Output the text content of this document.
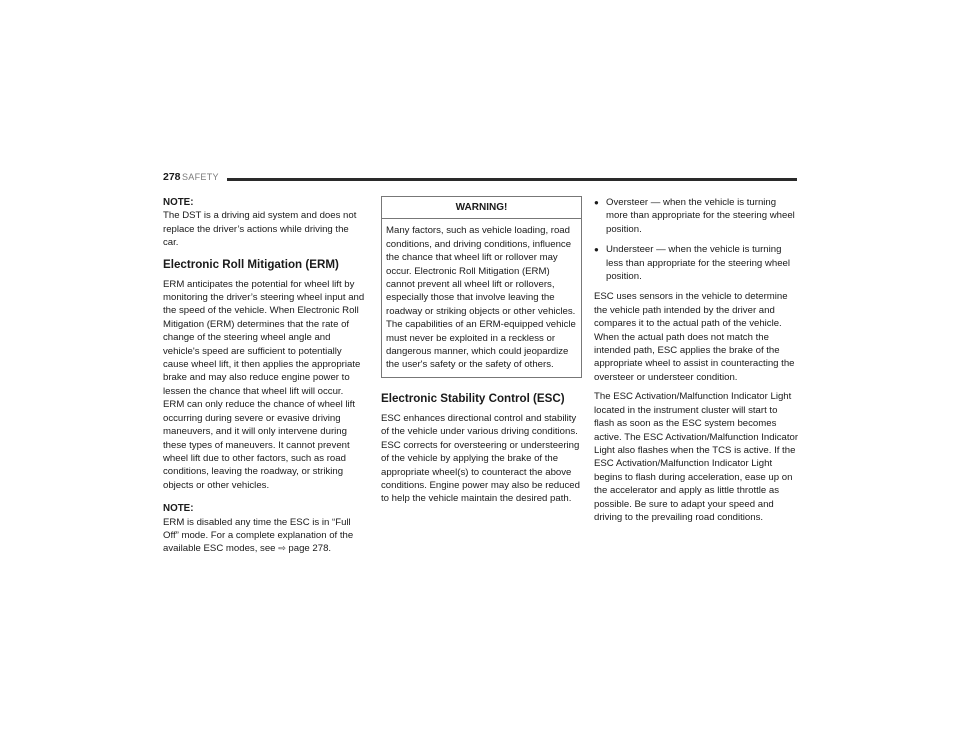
278 SAFETY

NOTE:

The DST is a driving aid system and does not replace the driver’s actions while driving the car.

Electronic Roll Mitigation (ERM)

ERM anticipates the potential for wheel lift by monitoring the driver’s steering wheel input and the speed of the vehicle. When Electronic Roll Mitigation (ERM) determines that the rate of change of the steering wheel angle and vehicle's speed are sufficient to potentially cause wheel lift, it then applies the appropriate brake and may also reduce engine power to lessen the chance that wheel lift will occur. ERM can only reduce the chance of wheel lift occurring during severe or evasive driving maneuvers, and it will only intervene during these types of maneuvers. It cannot prevent wheel lift due to other factors, such as road conditions, leaving the roadway, or striking objects or other vehicles.

NOTE:

ERM is disabled any time the ESC is in “Full Off” mode. For a complete explanation of the available ESC modes, see ⇨ page 278.

WARNING!
Many factors, such as vehicle loading, road conditions, and driving conditions, influence the chance that wheel lift or rollover may occur. Electronic Roll Mitigation (ERM) cannot prevent all wheel lift or rollovers, especially those that involve leaving the roadway or striking objects or other vehicles. The capabilities of an ERM-equipped vehicle must never be exploited in a reckless or dangerous manner, which could jeopardize the user's safety or the safety of others.
Electronic Stability Control (ESC)

ESC enhances directional control and stability of the vehicle under various driving conditions. ESC corrects for oversteering or understeering of the vehicle by applying the brake of the appropriate wheel(s) to counteract the above conditions. Engine power may also be reduced to help the vehicle maintain the desired path.

● Oversteer — when the vehicle is turning more than appropriate for the steering wheel position.
● Understeer — when the vehicle is turning less than appropriate for the steering wheel position.

ESC uses sensors in the vehicle to determine the vehicle path intended by the driver and compares it to the actual path of the vehicle. When the actual path does not match the intended path, ESC applies the brake of the appropriate wheel to assist in counteracting the oversteer or understeer condition.

The ESC Activation/Malfunction Indicator Light located in the instrument cluster will start to flash as soon as the ESC system becomes active. The ESC Activation/Malfunction Indicator Light also flashes when the TCS is active. If the ESC Activation/Malfunction Indicator Light begins to flash during acceleration, ease up on the accelerator and apply as little throttle as possible. Be sure to adapt your speed and driving to the prevailing road conditions.
